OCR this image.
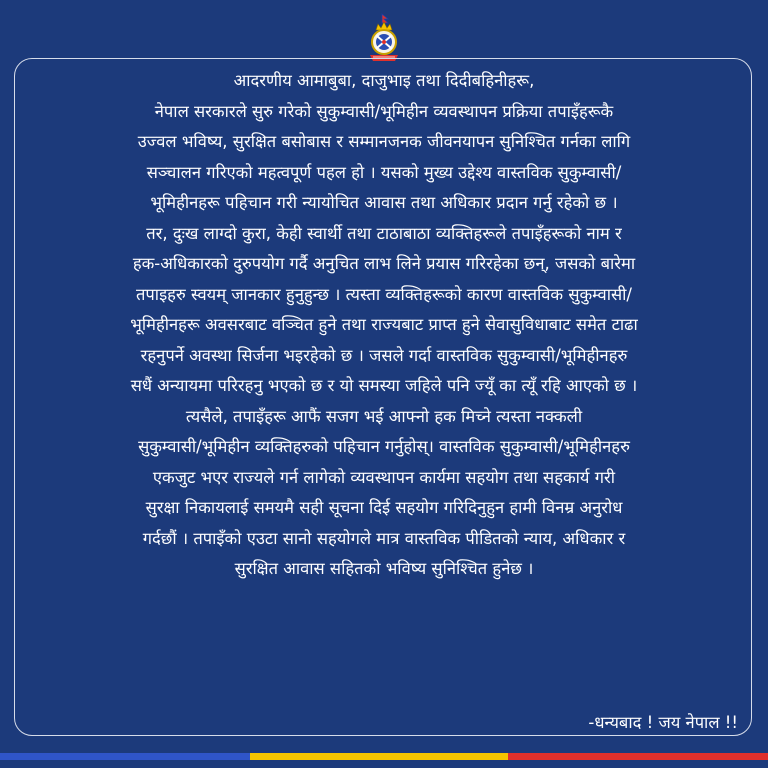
आदरणीय आमाबुबा, दाजुभाइ तथा दिदीबहिनीहरू,
नेपाल सरकारले सुरु गरेको सुकुम्वासी/भूमिहीन व्यवस्थापन प्रक्रिया तपाइँहरूकै
उज्वल भविष्य, सुरक्षित बसोबास र सम्मानजनक जीवनयापन सुनिश्चित गर्नका लागि
सञ्चालन गरिएको महत्वपूर्ण पहल हो । यसको मुख्य उद्देश्य वास्तविक सुकुम्वासी/
भूमिहीनहरू पहिचान गरी न्यायोचित आवास तथा अधिकार प्रदान गर्नु रहेको छ ।
तर, दुःख लाग्दो कुरा, केही स्वार्थी तथा टाठाबाठा व्यक्तिहरूले तपाइँहरूको नाम र
हक-अधिकारको दुरुपयोग गर्दै अनुचित लाभ लिने प्रयास गरिरहेका छन्, जसको बारेमा
तपाइहरु स्वयम् जानकार हुनुहुन्छ । त्यस्ता व्यक्तिहरूको कारण वास्तविक सुकुम्वासी/
भूमिहीनहरू अवसरबाट वञ्चित हुने तथा राज्यबाट प्राप्त हुने सेवासुविधाबाट समेत टाढा
रहनुपर्ने अवस्था सिर्जना भइरहेको छ । जसले गर्दा वास्तविक सुकुम्वासी/भूमिहीनहरु
सधैं अन्यायमा परिरहनु भएको छ र यो समस्या जहिले पनि ज्यूँ का त्यूँ रहि आएको छ ।
त्यसैले, तपाइँहरू आफैं सजग भई आफ्नो हक मिच्ने त्यस्ता नक्कली
सुकुम्वासी/भूमिहीन व्यक्तिहरुको पहिचान गर्नुहोस्। वास्तविक सुकुम्वासी/भूमिहीनहरु
एकजुट भएर राज्यले गर्न लागेको व्यवस्थापन कार्यमा सहयोग तथा सहकार्य गरी
सुरक्षा निकायलाई समयमै सही सूचना दिई सहयोग गरिदिनुहुन हामी विनम्र अनुरोध
गर्दछौं । तपाइँको एउटा सानो सहयोगले मात्र वास्तविक पीडितको न्याय, अधिकार र
सुरक्षित आवास सहितको भविष्य सुनिश्चित हुनेछ ।
-धन्यबाद ! जय नेपाल !!
